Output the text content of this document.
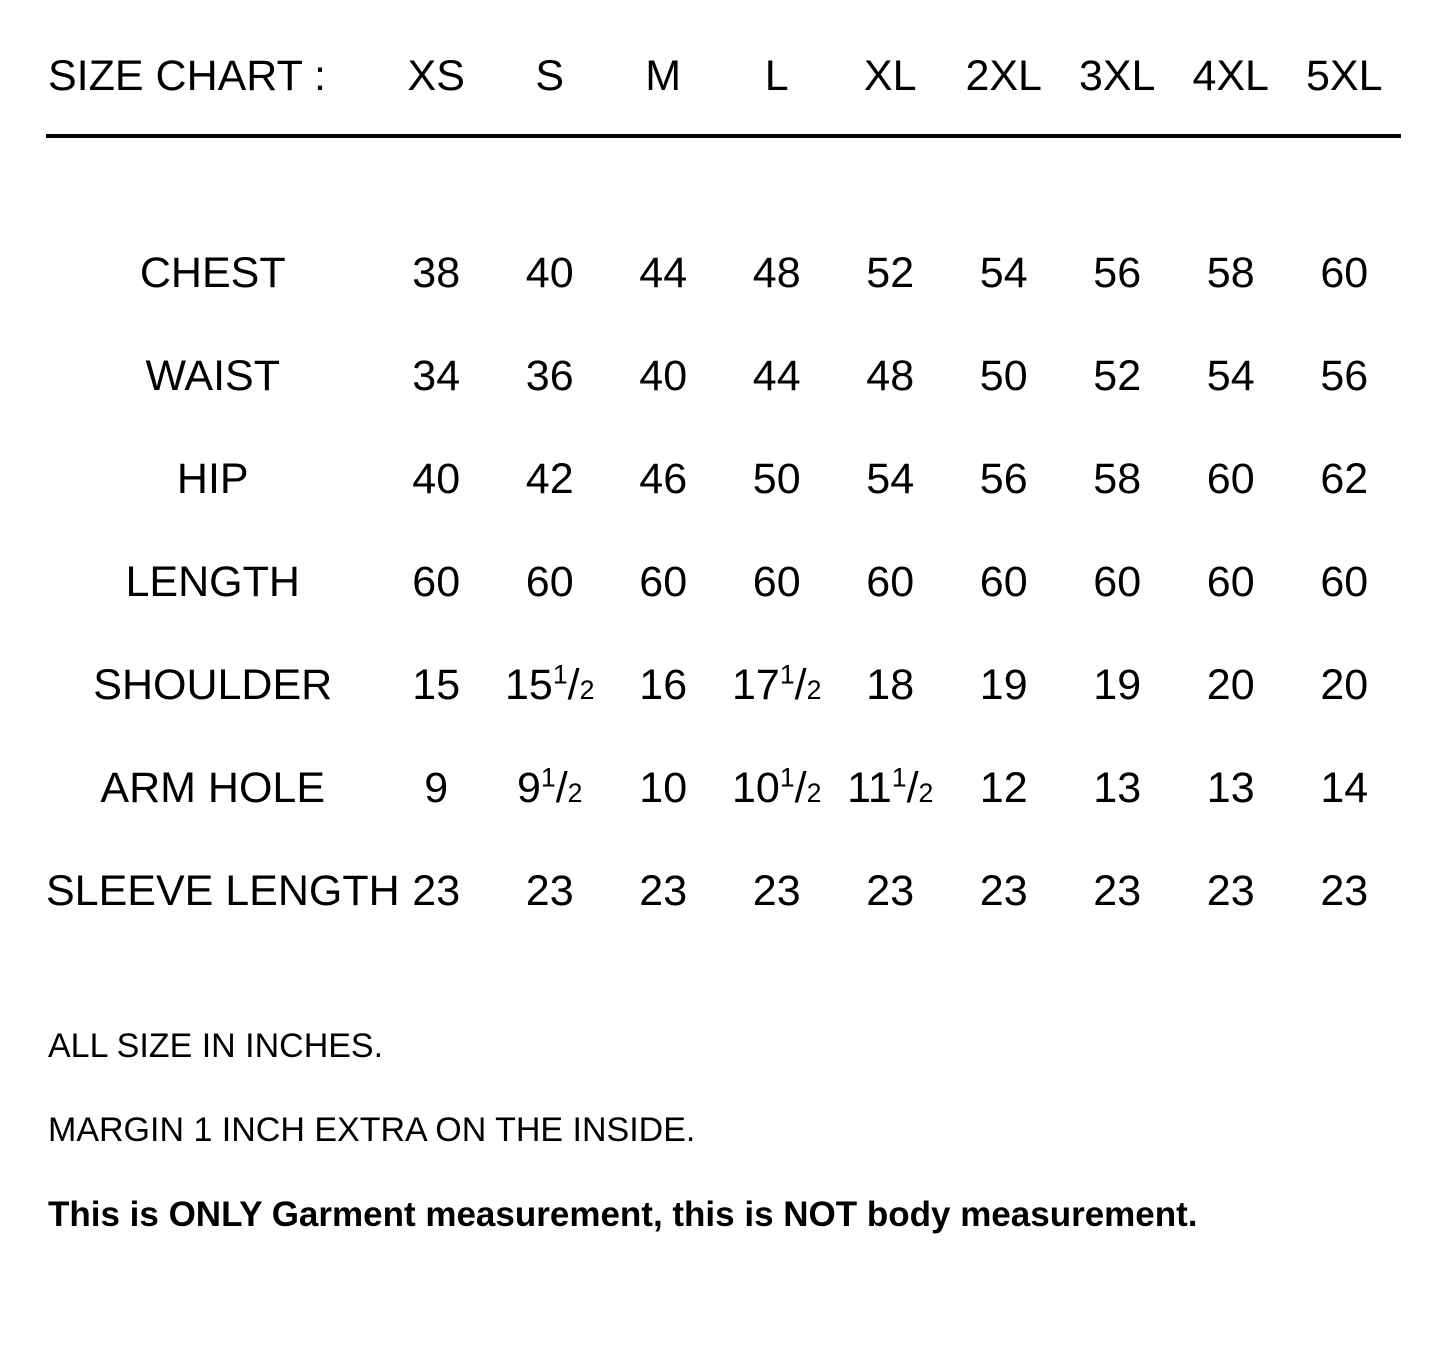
SIZE CHART :	XS	S	M	L	XL	2XL	3XL	4XL	5XL

CHEST	38	40	44	48	52	54	56	58	60
WAIST	34	36	40	44	48	50	52	54	56
HIP	40	42	46	50	54	56	58	60	62
LENGTH	60	60	60	60	60	60	60	60	60
SHOULDER	15	$15^1/2$	16	$17^1/2$	18	19	19	20	20
ARM HOLE	9	$9^1/2$	10	$10^1/2$	$11^1/2$	12	13	13	14
SLEEVE LENGTH	23	23	23	23	23	23	23	23	23
ALL SIZE IN INCHES.
MARGIN 1 INCH EXTRA ON THE INSIDE.
This is ONLY Garment measurement, this is NOT body measurement.
